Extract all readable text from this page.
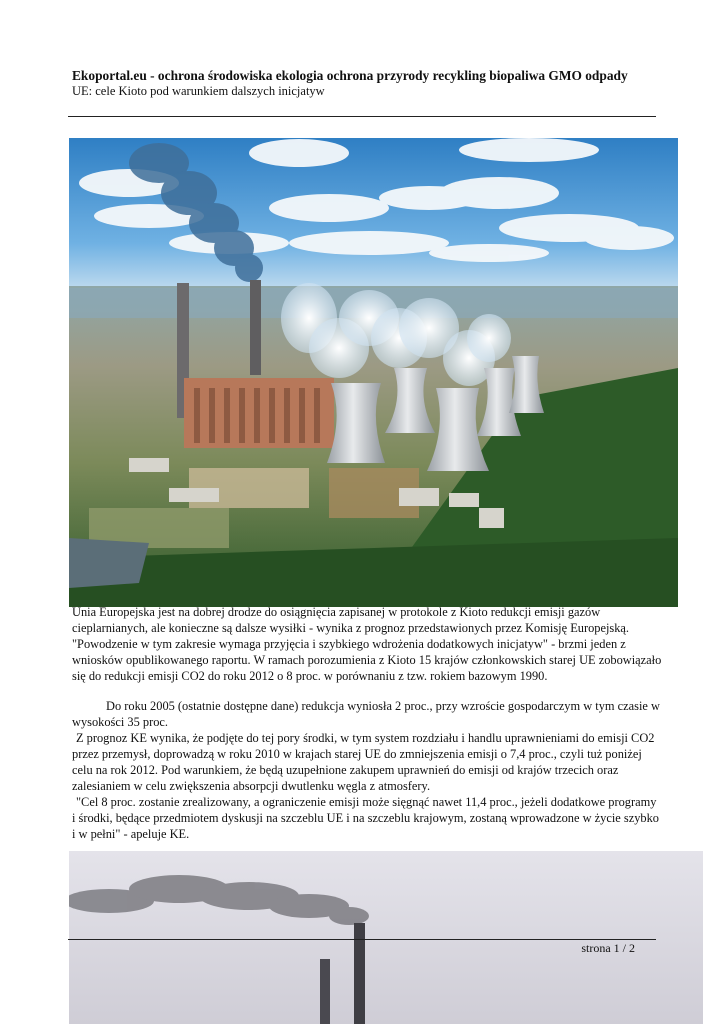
Ekoportal.eu - ochrona środowiska ekologia ochrona przyrody recykling biopaliwa GMO odpady
UE: cele Kioto pod warunkiem dalszych inicjatyw

Unia Europejska jest na dobrej drodze do osiągnięcia zapisanej w protokole z Kioto redukcji emisji gazów cieplarnianych, ale konieczne są dalsze wysiłki - wynika z prognoz przedstawionych przez Komisję Europejską. "Powodzenie w tym zakresie wymaga przyjęcia i szybkiego wdrożenia dodatkowych inicjatyw" - brzmi jeden z wniosków opublikowanego raportu. W ramach porozumienia z Kioto 15 krajów członkowskich starej UE zobowiązało się do redukcji emisji CO2 do roku 2012 o 8 proc. w porównaniu z tzw. rokiem bazowym 1990.

Do roku 2005 (ostatnie dostępne dane) redukcja wyniosła 2 proc., przy wzroście gospodarczym w tym czasie w wysokości 35 proc.

Z prognoz KE wynika, że podjęte do tej pory środki, w tym system rozdziału i handlu uprawnieniami do emisji CO2 przez przemysł, doprowadzą w roku 2010 w krajach starej UE do zmniejszenia emisji o 7,4 proc., czyli tuż poniżej celu na rok 2012. Pod warunkiem, że będą uzupełnione zakupem uprawnień do emisji od krajów trzecich oraz zalesianiem w celu zwiększenia absorpcji dwutlenku węgla z atmosfery.

"Cel 8 proc. zostanie zrealizowany, a ograniczenie emisji może sięgnąć nawet 11,4 proc., jeżeli dodatkowe programy i środki, będące przedmiotem dyskusji na szczeblu UE i na szczeblu krajowym, zostaną wprowadzone w życie szybko i w pełni" - apeluje KE.

strona 1 / 2
